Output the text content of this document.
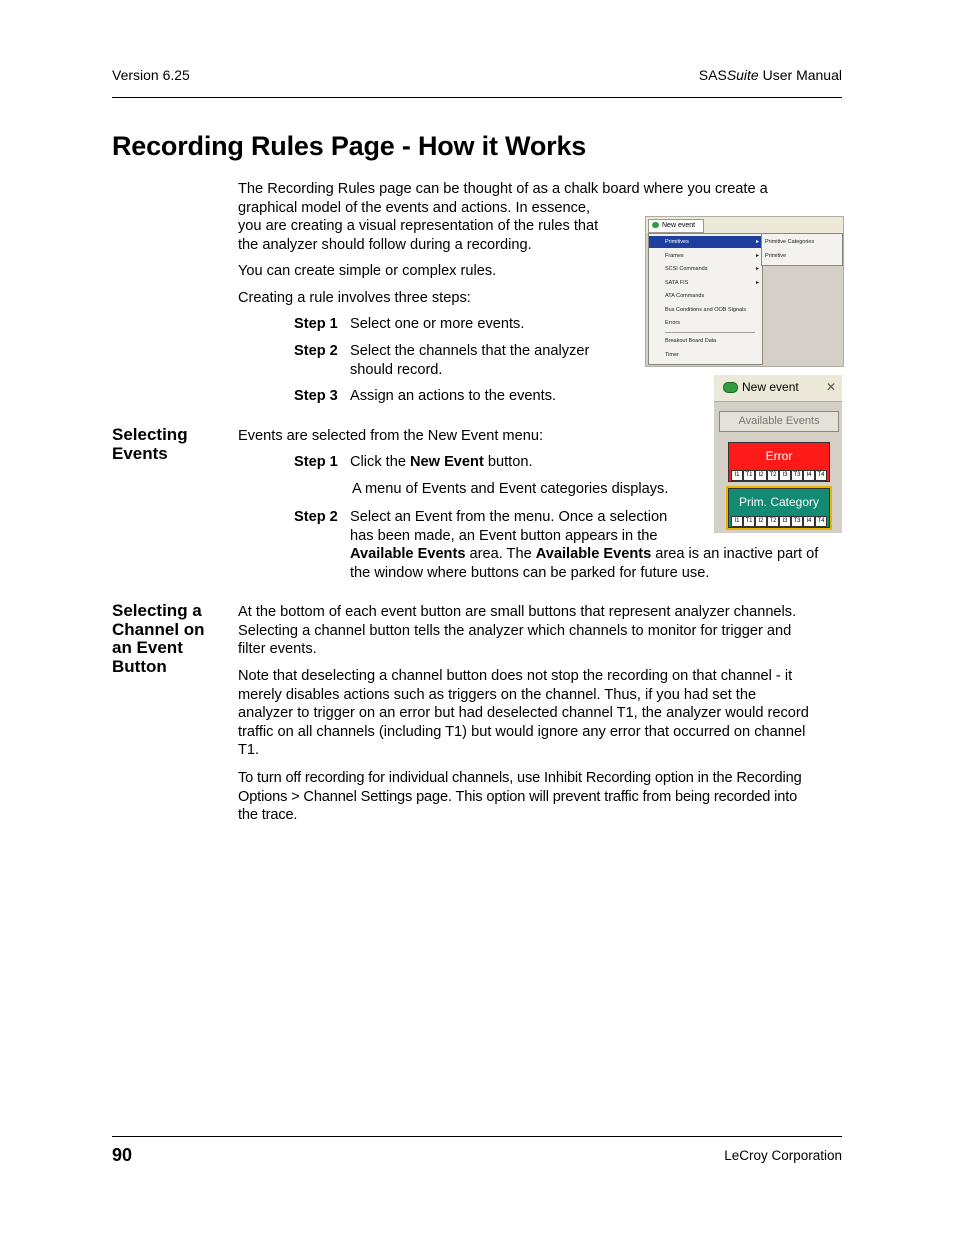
Version 6.25	SASSuite User Manual
Recording Rules Page - How it Works
The Recording Rules page can be thought of as a chalk board where you create a
graphical model of the events and actions. In essence,
you are creating a visual representation of the rules that
the analyzer should follow during a recording.
You can create simple or complex rules.
Creating a rule involves three steps:
Step 1 Select one or more events.
Step 2 Select the channels that the analyzer
should record.
Step 3 Assign an actions to the events.
New event
Primitives	▸
Frames	▸
SCSI Commands	▸
SATA FIS	▸
ATA Commands
Bus Conditions and OOB Signals
Errors
Breakout Board Data
Timer
Primitive Categories
Primitive
New event ✕
Available Events
Error
I1 T1 I2 T2 I3 T3 I4 T4
Prim. Category
I1 T1 I2 T2 I3 T3 I4 T4
Selecting
Events
Events are selected from the New Event menu:
Step 1 Click the New Event button.
A menu of Events and Event categories displays.
Step 2 Select an Event from the menu. Once a selection
has been made, an Event button appears in the
Available Events area. The Available Events area is an inactive part of
the window where buttons can be parked for future use.
Selecting a
Channel on
an Event
Button
At the bottom of each event button are small buttons that represent analyzer channels.
Selecting a channel button tells the analyzer which channels to monitor for trigger and
filter events.
Note that deselecting a channel button does not stop the recording on that channel - it
merely disables actions such as triggers on the channel. Thus, if you had set the
analyzer to trigger on an error but had deselected channel T1, the analyzer would record
traffic on all channels (including T1) but would ignore any error that occurred on channel
T1.
To turn off recording for individual channels, use Inhibit Recording option in the Recording
Options > Channel Settings page. This option will prevent traffic from being recorded into
the trace.
90	LeCroy Corporation
